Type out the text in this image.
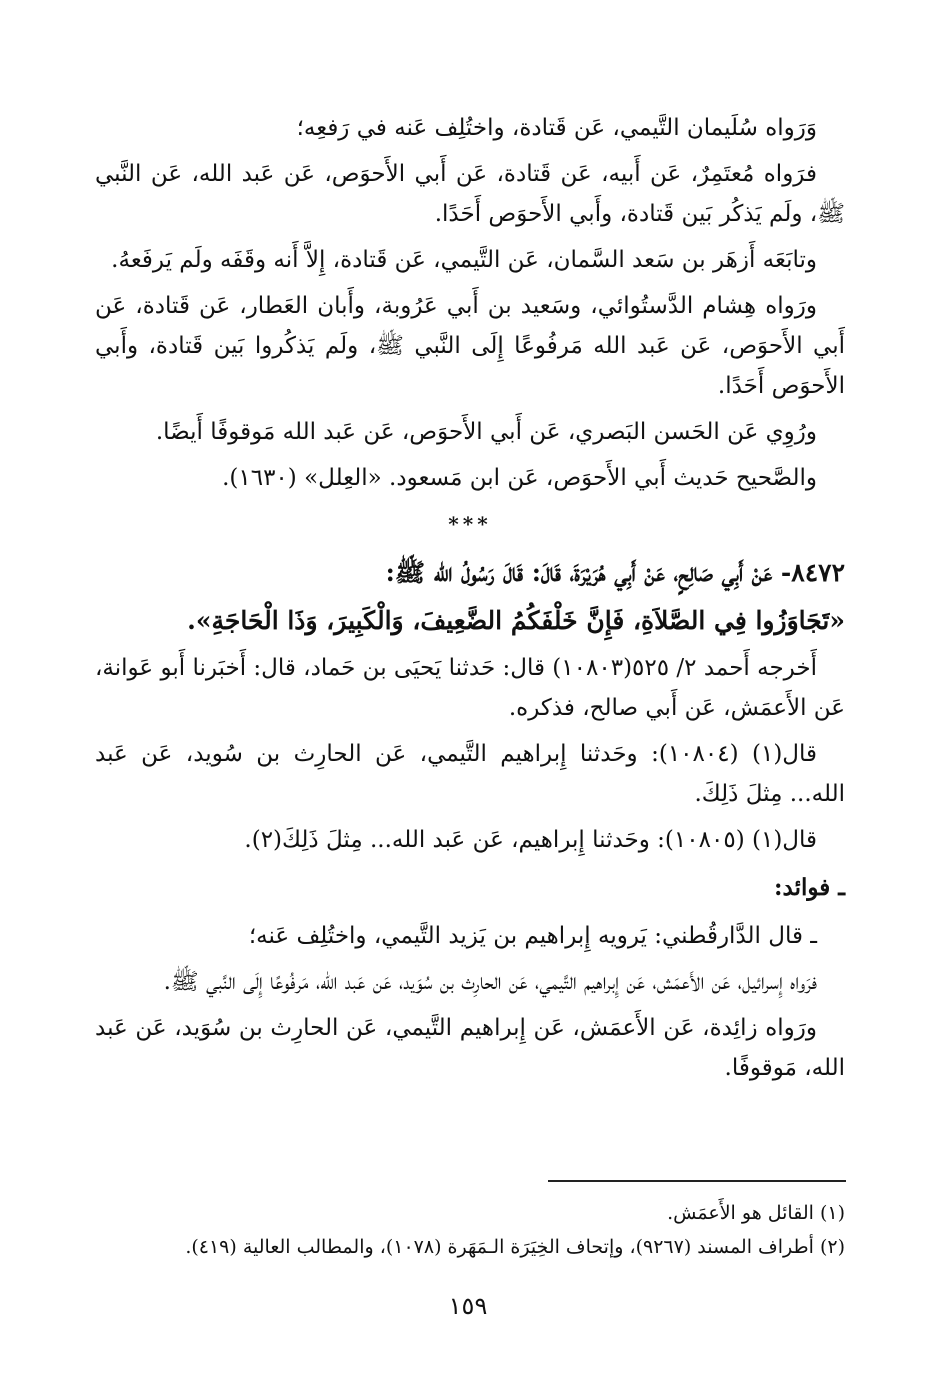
وَرَواه سُلَيمان التَّيمي، عَن قَتادة، واختُلِف عَنه في رَفعِه؛

فرَواه مُعتَمِرٌ، عَن أَبيه، عَن قَتادة، عَن أَبي الأَحوَص، عَن عَبد الله، عَن النَّبي ﷺ، ولَم يَذكُر بَين قَتادة، وأَبي الأَحوَص أَحَدًا.

وتابَعَه أَزهَر بن سَعد السَّمان، عَن التَّيمي، عَن قَتادة، إِلاَّ أَنه وقَفَه ولَم يَرفَعهُ.

ورَواه هِشام الدَّستُوائي، وسَعيد بن أَبي عَرُوبة، وأَبان العَطار، عَن قَتادة، عَن أَبي الأَحوَص، عَن عَبد الله مَرفُوعًا إِلَى النَّبي ﷺ، ولَم يَذكُروا بَين قَتادة، وأَبي الأَحوَص أَحَدًا.

ورُوِي عَن الحَسن البَصري، عَن أَبي الأَحوَص، عَن عَبد الله مَوقوفًا أَيضًا.

والصَّحيح حَديث أَبي الأَحوَص، عَن ابن مَسعود. «العِلل» (١٦٣٠).

***

٨٤٧٢- عَنْ أَبِي صَالِحٍ، عَنْ أَبِي هُرَيْرَةَ، قَالَ: قَالَ رَسُولُ الله ﷺ:

«تَجَاوَزُوا فِي الصَّلاَةِ، فَإِنَّ خَلْفَكُمُ الضَّعِيفَ، وَالْكَبِيرَ، وَذَا الْحَاجَةِ».

أَخرجه أَحمد ٢/ ٥٢٥(١٠٨٠٣) قال: حَدثنا يَحيَى بن حَماد، قال: أَخبَرنا أَبو عَوانة، عَن الأَعمَش، عَن أَبي صالح، فذكره.

قال(١) (١٠٨٠٤): وحَدثنا إِبراهيم التَّيمي، عَن الحارِث بن سُويد، عَن عَبد الله... مِثلَ ذَلِكَ.

قال(١) (١٠٨٠٥): وحَدثنا إِبراهيم، عَن عَبد الله... مِثلَ ذَلِكَ(٢).

ـ فوائد:

ـ قال الدَّارقُطني: يَرويه إِبراهيم بن يَزيد التَّيمي، واختُلِف عَنه؛

فرَواه إِسرائيل، عَن الأَعمَش، عَن إِبراهيم التَّيمي، عَن الحارِث بن سُوَيد، عَن عَبد الله، مَرفُوعًا إِلَى النَّبي ﷺ.

ورَواه زائِدة، عَن الأَعمَش، عَن إِبراهيم التَّيمي، عَن الحارِث بن سُوَيد، عَن عَبد الله، مَوقوفًا.

(١) القائل هو الأَعمَش.

(٢) أطراف المسند (٩٢٦٧)، وإتحاف الخِيَرَة الـمَهَرة (١٠٧٨)، والمطالب العالية (٤١٩).

١٥٩
